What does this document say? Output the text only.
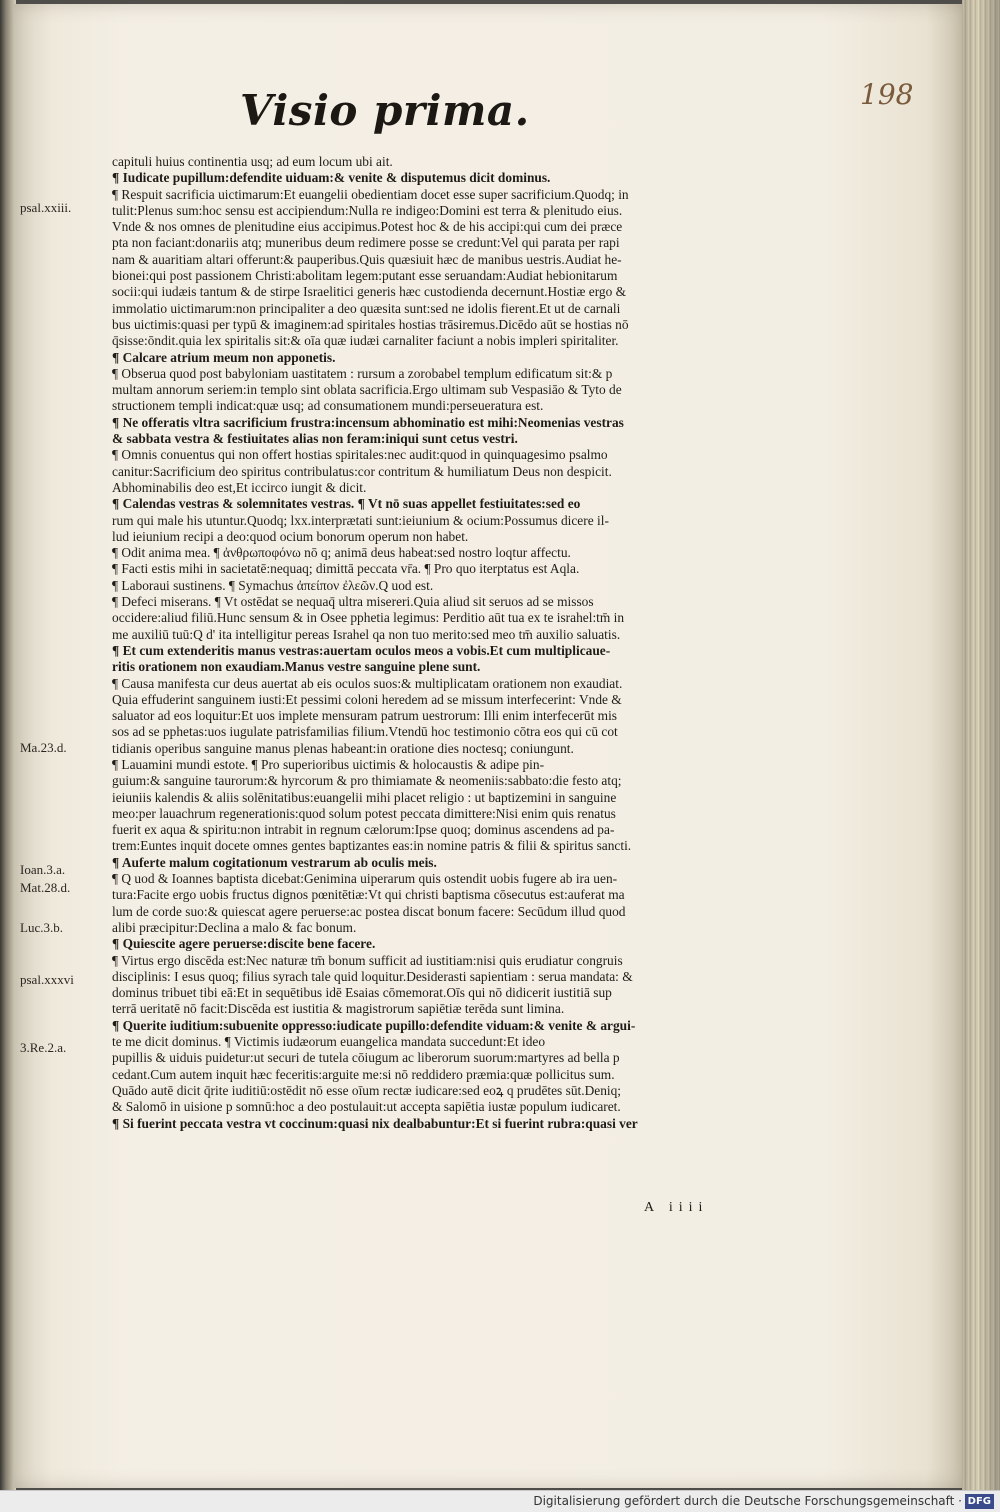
198
Visio prima.
capituli huius continentia usq; ad eum locum ubi ait.
¶ Iudicate pupillum:defendite uiduam:& venite & disputemus dicit dominus.
¶ Respuit sacrificia uictimarum:Et euangelii obedientiam docet esse super sacrificium.Quodq; in
tulit:Plenus sum:hoc sensu est accipiendum:Nulla re indigeo:Domini est terra & plenitudo eius.
Vnde & nos omnes de plenitudine eius accipimus.Potest hoc & de his accipi:qui cum dei præce
pta non faciant:donariis atq; muneribus deum redimere posse se credunt:Vel qui parata per rapi
nam & auaritiam altari offerunt:& pauperibus.Quis quæsiuit hæc de manibus uestris.Audiat he-
bionei:qui post passionem Christi:abolitam legem:putant esse seruandam:Audiat hebionitarum
socii:qui iudæis tantum & de stirpe Israelitici generis hæc custodienda decernunt.Hostiæ ergo &
immolatio uictimarum:non principaliter a deo quæsita sunt:sed ne idolis fierent.Et ut de carnali
bus uictimis:quasi per typū & imaginem:ad spiritales hostias trāsiremus.Dicēdo aūt se hostias nō
q̄sisse:ōndit.quia lex spiritalis sit:& oīa quæ iudæi carnaliter faciunt a nobis impleri spiritaliter.
¶ Calcare atrium meum non apponetis.
¶ Obserua quod post babyloniam uastitatem : rursum a zorobabel templum edificatum sit:& p
multam annorum seriem:in templo sint oblata sacrificia.Ergo ultimam sub Vespasiāo & Tyto de
structionem templi indicat:quæ usq; ad consumationem mundi:perseueratura est.
¶ Ne offeratis vltra sacrificium frustra:incensum abhominatio est mihi:Neomenias vestras
& sabbata vestra & festiuitates alias non feram:iniqui sunt cetus vestri.
¶ Omnis conuentus qui non offert hostias spiritales:nec audit:quod in quinquagesimo psalmo
canitur:Sacrificium deo spiritus contribulatus:cor contritum & humiliatum Deus non despicit.
Abhominabilis deo est,Et iccirco iungit & dicit.
¶ Calendas vestras & solemnitates vestras. ¶ Vt nō suas appellet festiuitates:sed eo
rum qui male his utuntur.Quodq; lxx.interprætati sunt:ieiunium & ocium:Possumus dicere il-
lud ieiunium recipi a deo:quod ocium bonorum operum non habet.
¶ Odit anima mea. ¶ ἀνθρωποφόνω nō q; animā deus habeat:sed nostro loqtur affectu.
¶ Facti estis mihi in sacietatē:nequaq; dimittā peccata vr̄a. ¶ Pro quo iterptatus est Aqla.
¶ Laboraui sustinens. ¶ Symachus ἀπείπον ἐλεῶν.Q uod est.
¶ Defeci miserans. ¶ Vt ostēdat se nequaq̄ ultra misereri.Quia aliud sit seruos ad se missos
occidere:aliud filiū.Hunc sensum & in Osee pphetia legimus: Perditio aūt tua ex te israhel:tm̄ in
me auxiliū tuū:Q d' ita intelligitur pereas Israhel qa non tuo merito:sed meo tm̄ auxilio saluatis.
¶ Et cum extenderitis manus vestras:auertam oculos meos a vobis.Et cum multiplicaue-
ritis orationem non exaudiam.Manus vestre sanguine plene sunt.
¶ Causa manifesta cur deus auertat ab eis oculos suos:& multiplicatam orationem non exaudiat.
Quia effuderint sanguinem iusti:Et pessimi coloni heredem ad se missum interfecerint: Vnde &
saluator ad eos loquitur:Et uos implete mensuram patrum uestrorum: Illi enim interfecerūt mis
sos ad se pphetas:uos iugulate patrisfamilias filium.Vtendū hoc testimonio cōtra eos qui cū cot
tidianis operibus sanguine manus plenas habeant:in oratione dies noctesq; coniungunt.
¶ Lauamini mundi estote. ¶ Pro superioribus uictimis & holocaustis & adipe pin-
guium:& sanguine taurorum:& hyrcorum & pro thimiamate & neomeniis:sabbato:die festo atq;
ieiuniis kalendis & aliis solēnitatibus:euangelii mihi placet religio : ut baptizemini in sanguine
meo:per lauachrum regenerationis:quod solum potest peccata dimittere:Nisi enim quis renatus
fuerit ex aqua & spiritu:non intrabit in regnum cælorum:Ipse quoq; dominus ascendens ad pa-
trem:Euntes inquit docete omnes gentes baptizantes eas:in nomine patris & filii & spiritus sancti.
¶ Auferte malum cogitationum vestrarum ab oculis meis.
¶ Q uod & Ioannes baptista dicebat:Genimina uiperarum quis ostendit uobis fugere ab ira uen-
tura:Facite ergo uobis fructus dignos pœnitētiæ:Vt qui christi baptisma cōsecutus est:auferat ma
lum de corde suo:& quiescat agere peruerse:ac postea discat bonum facere: Secūdum illud quod
alibi præcipitur:Declina a malo & fac bonum.
¶ Quiescite agere peruerse:discite bene facere.
¶ Virtus ergo discēda est:Nec naturæ tm̄ bonum sufficit ad iustitiam:nisi quis erudiatur congruis
disciplinis: I esus quoq; filius syrach tale quid loquitur.Desiderasti sapientiam : serua mandata: &
dominus tribuet tibi eā:Et in sequētibus idē Esaias cōmemorat.Oīs qui nō didicerit iustitiā sup
terrā ueritatē nō facit:Discēda est iustitia & magistrorum sapiētiæ terēda sunt limina.
¶ Querite iuditium:subuenite oppresso:iudicate pupillo:defendite viduam:& venite & argui-
te me dicit dominus. ¶ Victimis iudæorum euangelica mandata succedunt:Et ideo
pupillis & uiduis puidetur:ut securi de tutela cōiugum ac liberorum suorum:martyres ad bella p
cedant.Cum autem inquit hæc feceritis:arguite me:si nō reddidero præmia:quæ pollicitus sum.
Quādo autē dicit q̄rite iuditiū:ostēdit nō esse oīum rectæ iudicare:sed eoꝝ q prudētes sūt.Deniq;
& Salomō in uisione p somnū:hoc a deo postulauit:ut accepta sapiētia iustæ populum iudicaret.
¶ Si fuerint peccata vestra vt coccinum:quasi nix dealbabuntur:Et si fuerint rubra:quasi ver
psal.xxiii.
Ma.23.d.
Ioan.3.a.
Mat.28.d.
Luc.3.b.
psal.xxxvi
3.Re.2.a.
A iiii
Digitalisierung gefördert durch die Deutsche Forschungsgemeinschaft · DFG
